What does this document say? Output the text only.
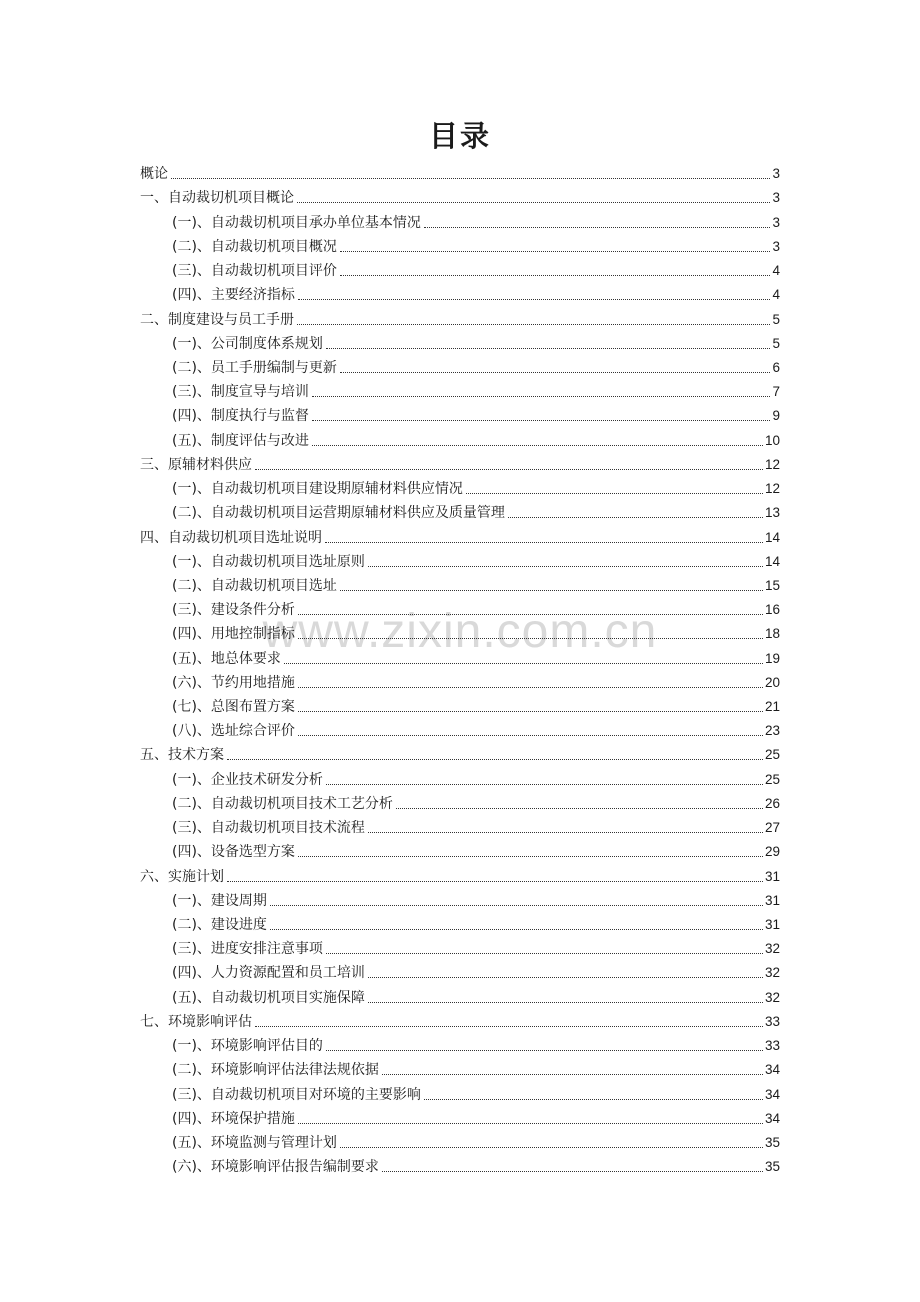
目录
www.zixin.com.cn
概论	3
一、自动裁切机项目概论	3
(一)、自动裁切机项目承办单位基本情况	3
(二)、自动裁切机项目概况	3
(三)、自动裁切机项目评价	4
(四)、主要经济指标	4
二、制度建设与员工手册	5
(一)、公司制度体系规划	5
(二)、员工手册编制与更新	6
(三)、制度宣导与培训	7
(四)、制度执行与监督	9
(五)、制度评估与改进	10
三、原辅材料供应	12
(一)、自动裁切机项目建设期原辅材料供应情况	12
(二)、自动裁切机项目运营期原辅材料供应及质量管理	13
四、自动裁切机项目选址说明	14
(一)、自动裁切机项目选址原则	14
(二)、自动裁切机项目选址	15
(三)、建设条件分析	16
(四)、用地控制指标	18
(五)、地总体要求	19
(六)、节约用地措施	20
(七)、总图布置方案	21
(八)、选址综合评价	23
五、技术方案	25
(一)、企业技术研发分析	25
(二)、自动裁切机项目技术工艺分析	26
(三)、自动裁切机项目技术流程	27
(四)、设备选型方案	29
六、实施计划	31
(一)、建设周期	31
(二)、建设进度	31
(三)、进度安排注意事项	32
(四)、人力资源配置和员工培训	32
(五)、自动裁切机项目实施保障	32
七、环境影响评估	33
(一)、环境影响评估目的	33
(二)、环境影响评估法律法规依据	34
(三)、自动裁切机项目对环境的主要影响	34
(四)、环境保护措施	34
(五)、环境监测与管理计划	35
(六)、环境影响评估报告编制要求	35
